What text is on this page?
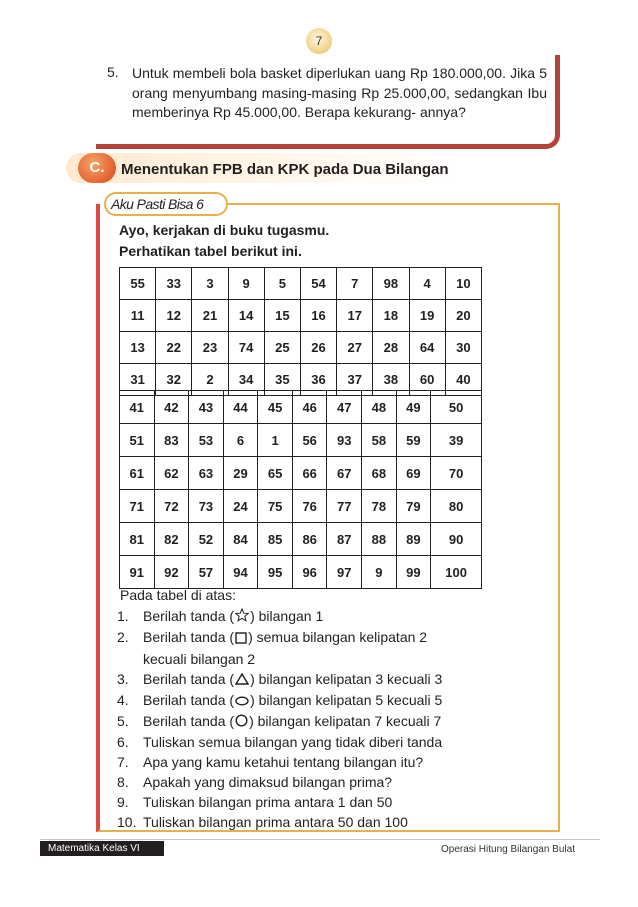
7
5. Untuk membeli bola basket diperlukan uang Rp 180.000,00. Jika 5 orang menyumbang masing-masing Rp 25.000,00, sedangkan Ibu memberinya Rp 45.000,00. Berapa kekurang- annya?
C.	Menentukan FPB dan KPK pada Dua Bilangan
Aku Pasti Bisa 6
Ayo, kerjakan di buku tugasmu.
Perhatikan tabel berikut ini.
55	33	3	9	5	54	7	98	4	10
11	12	21	14	15	16	17	18	19	20
13	22	23	74	25	26	27	28	64	30
31	32	2	34	35	36	37	38	60	40
41	42	43	44	45	46	47	48	49	50
51	83	53	6	1	56	93	58	59	39
61	62	63	29	65	66	67	68	69	70
71	72	73	24	75	76	77	78	79	80
81	82	52	84	85	86	87	88	89	90
91	92	57	94	95	96	97	9	99	100
Pada tabel di atas:
1.	Berilah tanda ( ) bilangan 1
2.	Berilah tanda ( ) semua bilangan kelipatan 2
kecuali bilangan 2
3.	Berilah tanda ( ) bilangan kelipatan 3 kecuali 3
4.	Berilah tanda ( ) bilangan kelipatan 5 kecuali 5
5.	Berilah tanda ( ) bilangan kelipatan 7 kecuali 7
6.	Tuliskan semua bilangan yang tidak diberi tanda
7.	Apa yang kamu ketahui tentang bilangan itu?
8.	Apakah yang dimaksud bilangan prima?
9.	Tuliskan bilangan prima antara 1 dan 50
10. Tuliskan bilangan prima antara 50 dan 100
Matematika Kelas VI	Operasi Hitung Bilangan Bulat
